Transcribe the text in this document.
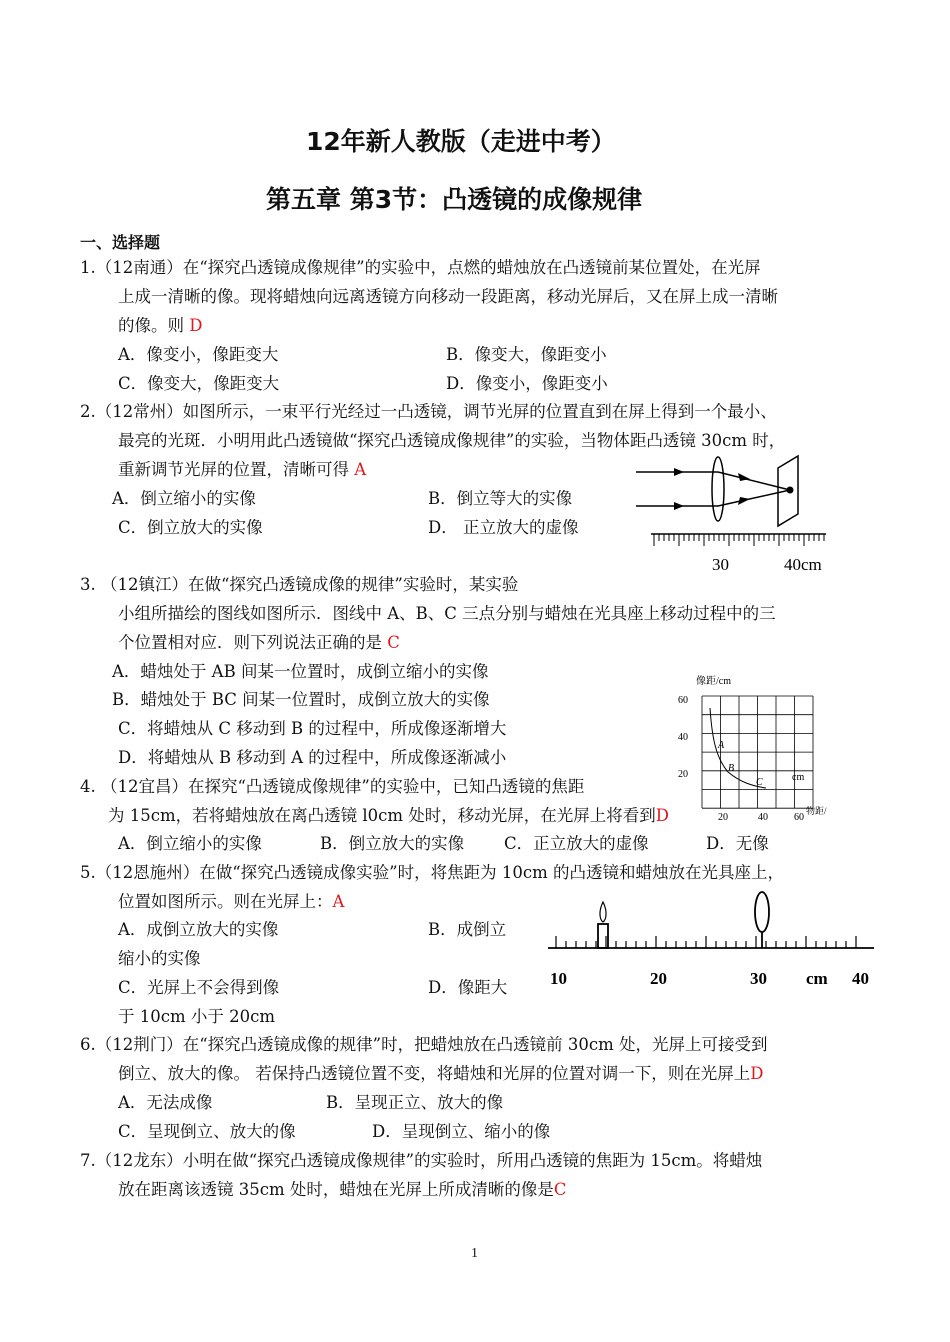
12年新人教版（走进中考）
第五章 第3节：凸透镜的成像规律
一、选择题
1.（12南通）在“探究凸透镜成像规律”的实验中，点燃的蜡烛放在凸透镜前某位置处，在光屏
上成一清晰的像。现将蜡烛向远离透镜方向移动一段距离，移动光屏后，又在屏上成一清晰
的像。则 D
A．像变小，像距变大	B．像变大，像距变小
C．像变大，像距变大	D．像变小，像距变小
2.（12常州）如图所示，一束平行光经过一凸透镜，调节光屏的位置直到在屏上得到一个最小、
最亮的光斑．小明用此凸透镜做“探究凸透镜成像规律”的实验，当物体距凸透镜 30cm 时，
重新调节光屏的位置，清晰可得 A
A．倒立缩小的实像	B．倒立等大的实像
C．倒立放大的实像	D． 正立放大的虚像
30	40cm
3. （12镇江）在做“探究凸透镜成像的规律”实验时，某实验
小组所描绘的图线如图所示．图线中 A、B、C 三点分别与蜡烛在光具座上移动过程中的三
个位置相对应．则下列说法正确的是 C
A．蜡烛处于 AB 间某一位置时，成倒立缩小的实像
B．蜡烛处于 BC 间某一位置时，成倒立放大的实像
C．将蜡烛从 C 移动到 B 的过程中，所成像逐渐增大
D．将蜡烛从 B 移动到 A 的过程中，所成像逐渐减小
像距/cm
60
40
20
20	40	60
物距/
cm
A
B
C
4. （12宜昌）在探究“凸透镜成像规律”的实验中，已知凸透镜的焦距
为 15cm，若将蜡烛放在离凸透镜 l0cm 处时，移动光屏，在光屏上将看到D
A．倒立缩小的实像	B．倒立放大的实像 C．正立放大的虚像	D．无像
5.（12恩施州）在做“探究凸透镜成像实验”时，将焦距为 10cm 的凸透镜和蜡烛放在光具座上，
位置如图所示。则在光屏上：A
A．成倒立放大的实像	B．成倒立
缩小的实像
C．光屏上不会得到像	D．像距大
于 10cm 小于 20cm
10	20	30 cm 40
6.（12荆门）在“探究凸透镜成像的规律”时，把蜡烛放在凸透镜前 30cm 处，光屏上可接受到
倒立、放大的像。 若保持凸透镜位置不变，将蜡烛和光屏的位置对调一下，则在光屏上D
A．无法成像	B．呈现正立、放大的像
C．呈现倒立、放大的像	D．呈现倒立、缩小的像
7.（12龙东）小明在做“探究凸透镜成像规律”的实验时，所用凸透镜的焦距为 15cm。将蜡烛
放在距离该透镜 35cm 处时，蜡烛在光屏上所成清晰的像是C
1
